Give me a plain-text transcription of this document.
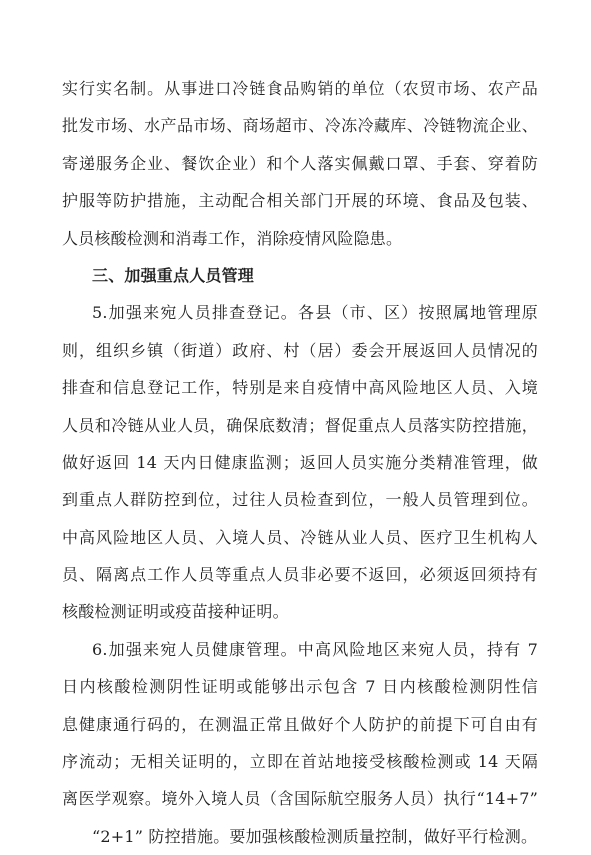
实行实名制。从事进口冷链食品购销的单位（农贸市场、农产品
批发市场、水产品市场、商场超市、冷冻冷藏库、冷链物流企业、
寄递服务企业、餐饮企业）和个人落实佩戴口罩、手套、穿着防
护服等防护措施，主动配合相关部门开展的环境、食品及包装、
人员核酸检测和消毒工作，消除疫情风险隐患。
三、加强重点人员管理
5.加强来宛人员排查登记。各县（市、区）按照属地管理原
则，组织乡镇（街道）政府、村（居）委会开展返回人员情况的
排查和信息登记工作，特别是来自疫情中高风险地区人员、入境
人员和冷链从业人员，确保底数清；督促重点人员落实防控措施，
做好返回 14 天内日健康监测；返回人员实施分类精准管理，做
到重点人群防控到位，过往人员检查到位，一般人员管理到位。
中高风险地区人员、入境人员、冷链从业人员、医疗卫生机构人
员、隔离点工作人员等重点人员非必要不返回，必须返回须持有
核酸检测证明或疫苗接种证明。
6.加强来宛人员健康管理。中高风险地区来宛人员，持有 7
日内核酸检测阴性证明或能够出示包含 7 日内核酸检测阴性信
息健康通行码的，在测温正常且做好个人防护的前提下可自由有
序流动；无相关证明的，立即在首站地接受核酸检测或 14 天隔
离医学观察。境外入境人员（含国际航空服务人员）执行“14+7”
“2+1” 防控措施。要加强核酸检测质量控制，做好平行检测。
